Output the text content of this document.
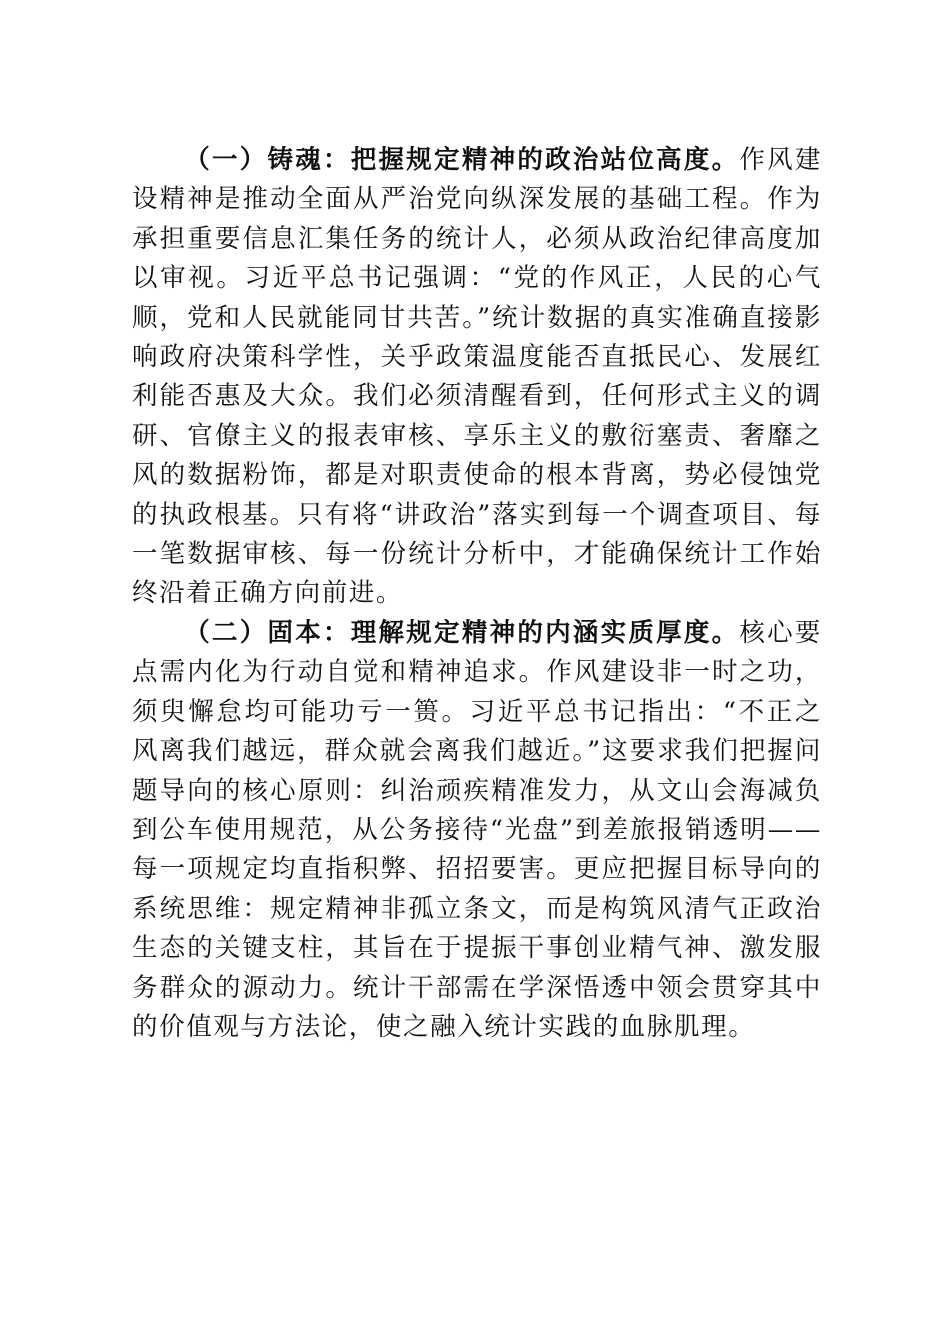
（一）铸魂：把握规定精神的政治站位高度。作风建设精神是推动全面从严治党向纵深发展的基础工程。作为承担重要信息汇集任务的统计人，必须从政治纪律高度加以审视。习近平总书记强调：“党的作风正，人民的心气顺，党和人民就能同甘共苦。”统计数据的真实准确直接影响政府决策科学性，关乎政策温度能否直抵民心、发展红利能否惠及大众。我们必须清醒看到，任何形式主义的调研、官僚主义的报表审核、享乐主义的敷衍塞责、奢靡之风的数据粉饰，都是对职责使命的根本背离，势必侵蚀党的执政根基。只有将“讲政治”落实到每一个调查项目、每一笔数据审核、每一份统计分析中，才能确保统计工作始终沿着正确方向前进。

（二）固本：理解规定精神的内涵实质厚度。核心要点需内化为行动自觉和精神追求。作风建设非一时之功，须臾懈怠均可能功亏一篑。习近平总书记指出：“不正之风离我们越远，群众就会离我们越近。”这要求我们把握问题导向的核心原则：纠治顽疾精准发力，从文山会海减负到公车使用规范，从公务接待“光盘”到差旅报销透明——每一项规定均直指积弊、招招要害。更应把握目标导向的系统思维：规定精神非孤立条文，而是构筑风清气正政治生态的关键支柱，其旨在于提振干事创业精气神、激发服务群众的源动力。统计干部需在学深悟透中领会贯穿其中的价值观与方法论，使之融入统计实践的血脉肌理。
